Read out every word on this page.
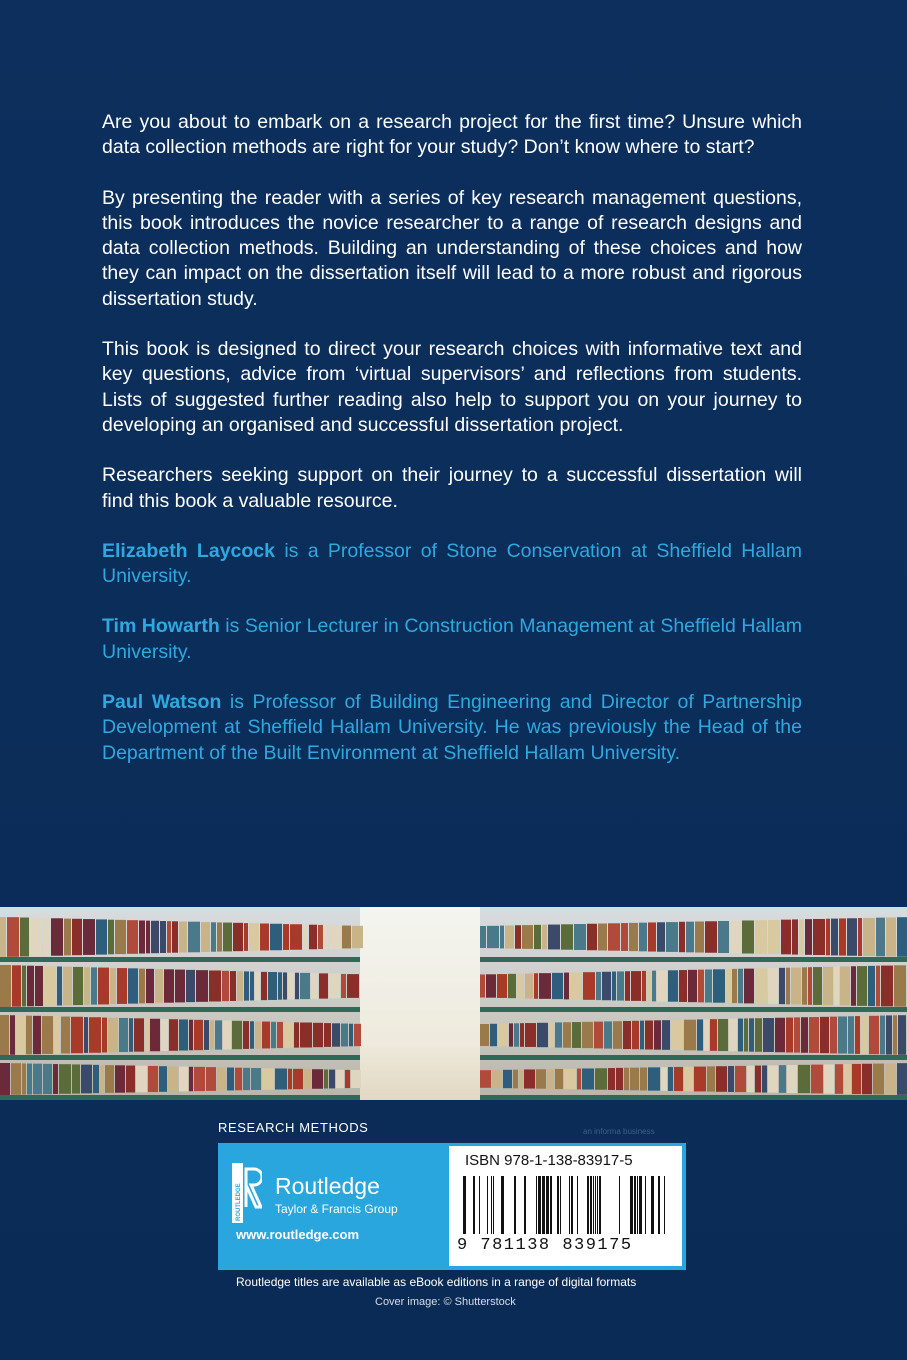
Are you about to embark on a research project for the first time? Unsure which data collection methods are right for your study? Don’t know where to start?

By presenting the reader with a series of key research management questions, this book introduces the novice researcher to a range of research designs and data collection methods. Building an understanding of these choices and how they can impact on the dissertation itself will lead to a more robust and rigorous dissertation study.

This book is designed to direct your research choices with informative text and key questions, advice from ‘virtual supervisors’ and reflections from students. Lists of suggested further reading also help to support you on your journey to developing an organised and successful dissertation project.

Researchers seeking support on their journey to a successful dissertation will find this book a valuable resource.

Elizabeth Laycock is a Professor of Stone Conservation at Sheffield Hallam University.

Tim Howarth is Senior Lecturer in Construction Management at Sheffield Hallam University.

Paul Watson is Professor of Building Engineering and Director of Partnership Development at Sheffield Hallam University. He was previously the Head of the Department of the Built Environment at Sheffield Hallam University.

RESEARCH METHODS	an informa business
ROUTLEDGE Routledge
Taylor & Francis Group
www.routledge.com
ISBN 978-1-138-83917-5
9 781138 839175
Routledge titles are available as eBook editions in a range of digital formats
Cover image: © Shutterstock
